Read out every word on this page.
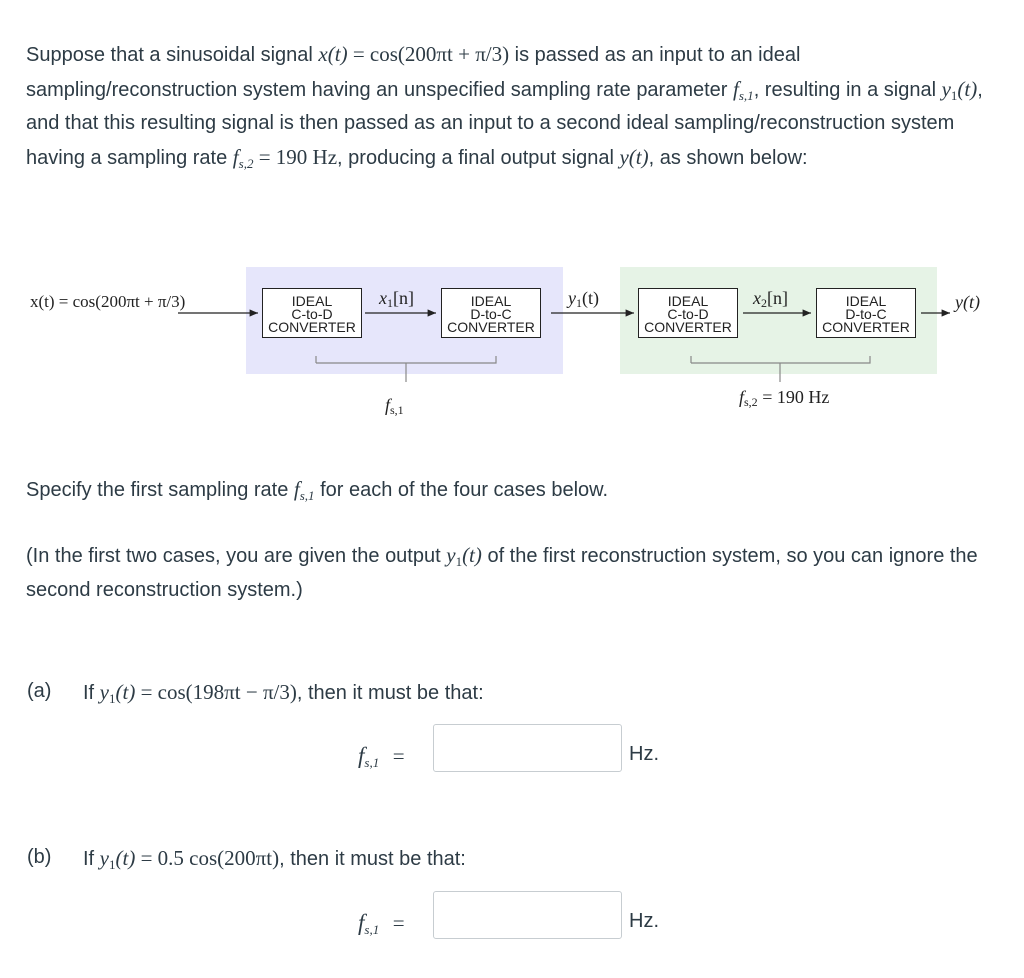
Suppose that a sinusoidal signal x(t) = cos(200πt + π/3) is passed as an input to an ideal sampling/reconstruction system having an unspecified sampling rate parameter $f_{s,1}$, resulting in a signal $y_1(t)$, and that this resulting signal is then passed as an input to a second ideal sampling/reconstruction system having a sampling rate $f_{s,2} = 190$ Hz, producing a final output signal y(t), as shown below:

x(t) = cos(200πt + π/3)	IDEAL
C-to-D
CONVERTER
IDEAL
D-to-C
CONVERTER
IDEAL
C-to-D
CONVERTER
IDEAL
D-to-C
CONVERTER
x1[n]	y1(t)	x2[n]	y(t)
fs,1
fs,2 = 190 Hz

Specify the first sampling rate $f_{s,1}$ for each of the four cases below.

(In the first two cases, you are given the output $y_1(t)$ of the first reconstruction system, so you can ignore the second reconstruction system.)

(a) If $y_1(t) = \cos(198\pi t - \pi/3)$, then it must be that:
$f_{s,1}$ =	Hz.
(b) If $y_1(t) = 0.5$ cos(200πt), then it must be that:
$f_{s,1}$ =	Hz.
